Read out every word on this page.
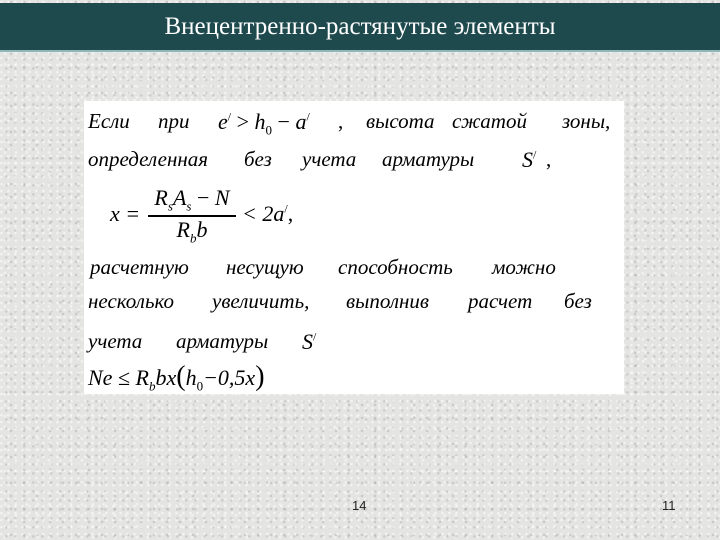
Внецентренно-растянутые элементы
Если при $e^/ > h_0 - a^/$ , высота сжатой зоны,
определенная без учета арматуры S/ ,
x =
$R_sA_s - N$
$R_bb$
< 2a/,
расчетную несущую способность можно
несколько увеличить, выполнив расчет без
учета арматуры S/
$Ne \le R_bbx(h_0-0,5x)$
14	11
